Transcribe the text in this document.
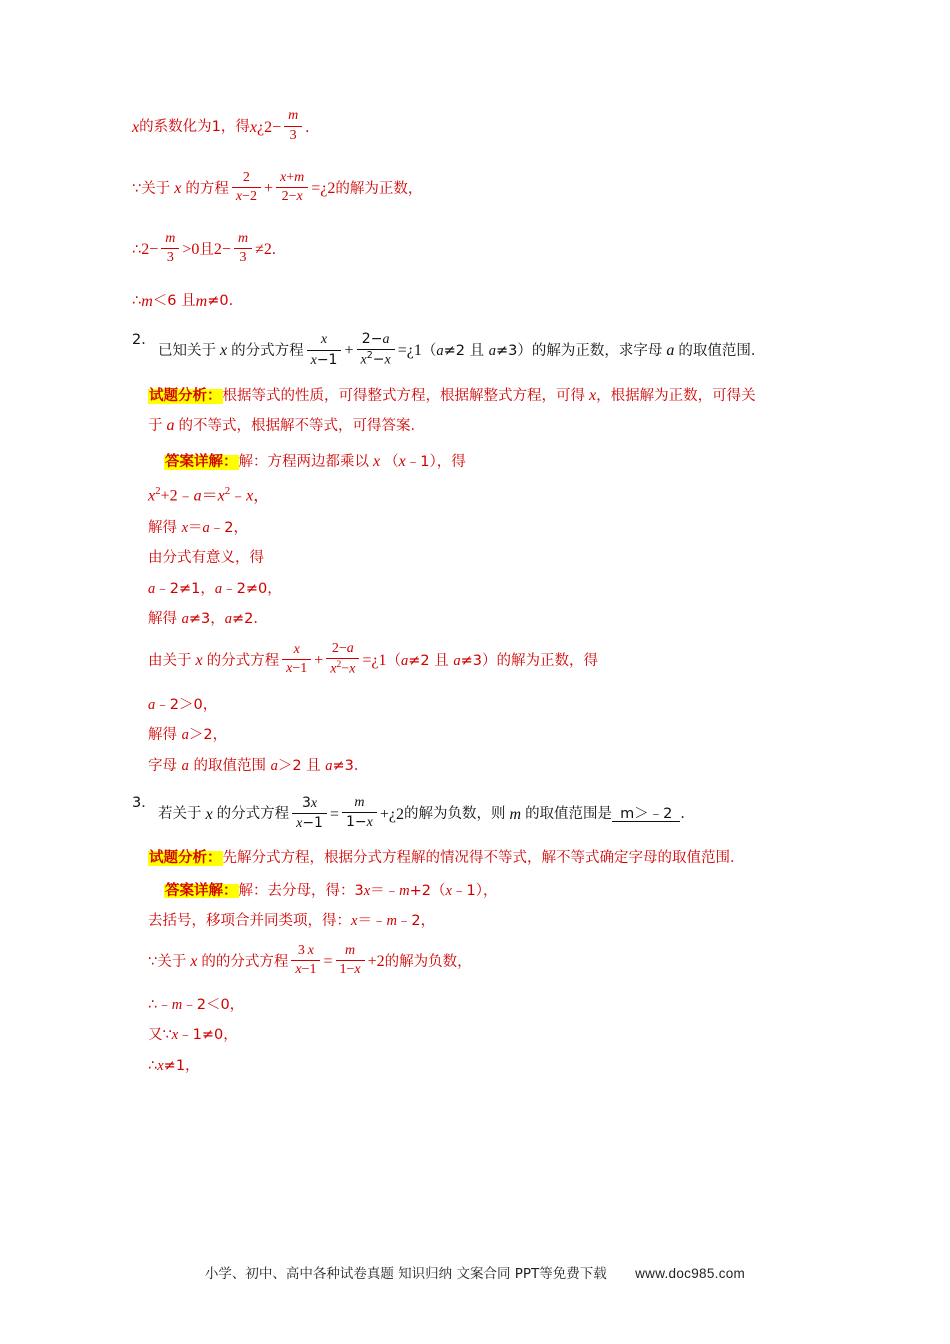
x 的系数化为1，得 x ¿ $2 - \frac{m}{3}$ .
∵关于 x 的方程 $\frac{2}{x-2} + \frac{x+m}{2-x}$ = ¿ 2 的解为正数，
∴ $2 - \frac{m}{3} >0$ 且 $2 - \frac{m}{3} \ne 2$.
∴ m ＜6 且 m ≠0．
2．
已知关于 x 的分式方程 $\frac{x}{x-1} + \frac{2-a}{x^2-x}$ = ¿ 1 （a≠2 且 a≠3）的解为正数，求字母 a 的取值范围．
试题分析： 根据等式的性质，可得整式方程，根据解整式方程，可得 x ，根据解为正数，可得关
于 a 的不等式，根据解不等式，可得答案．
答案详解： 解：方程两边都乘以 x （ x ﹣1），得
$x^2+2﹣a=x^2﹣x$，
解得 x＝a﹣2，
由分式有意义，得
a﹣2≠1，a﹣2≠0，
解得 a≠3，a≠2．
由关于 x 的分式方程 $\frac{x}{x-1} + \frac{2-a}{x^2-x}$ = ¿ 1 （a≠2 且 a≠3）的解为正数，得
a﹣2＞0，
解得 a＞2，
字母 a 的取值范围 a＞2 且 a≠3．
3．
若关于 x 的分式方程 $\frac{3x}{x-1} = \frac{m}{1-x}$ + ¿ 2 的解为负数，则 m 的取值范围是 m＞﹣2 ．
试题分析： 先解分式方程，根据分式方程解的情况得不等式，解不等式确定字母的取值范围．
答案详解： 解：去分母，得：3x＝﹣m+2（x﹣1），
去括号，移项合并同类项，得：x＝﹣m﹣2，
∵关于 x 的的分式方程 $\frac{3 x}{x-1} = \frac{m}{1-x} +2$ 的解为负数，
∴﹣m﹣2＜0，
又∵x﹣1≠0，
∴x≠1，
小学、初中、高中各种试卷真题 知识归纳 文案合同 PPT等免费下载 www.doc985.com
